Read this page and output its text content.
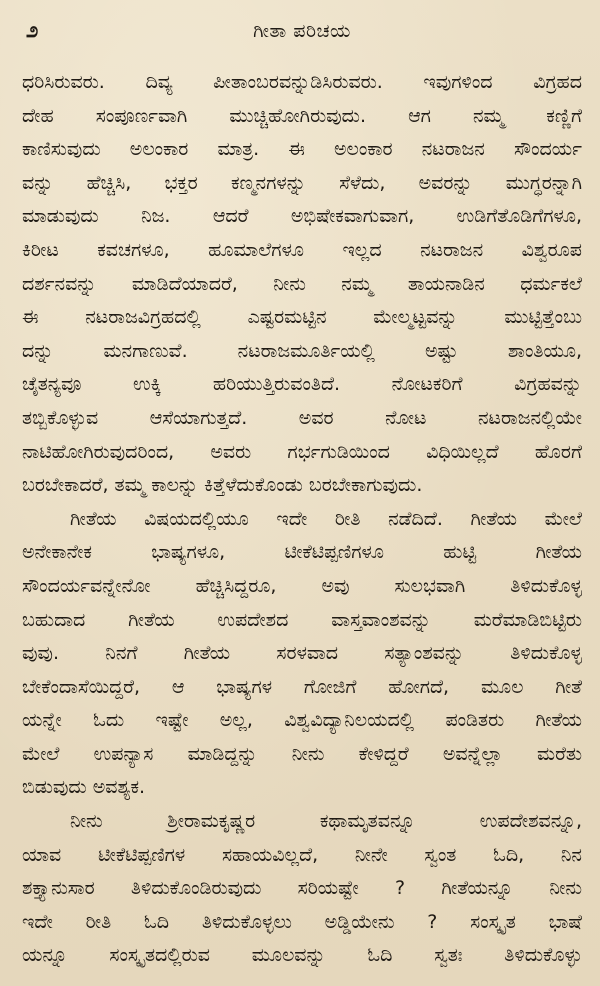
೨	ಗೀತಾ ಪರಿಚಯ
ಧರಿಸಿರುವರು. ದಿವ್ಯ ಪೀತಾಂಬರವನ್ನುಡಿಸಿರುವರು. ಇವುಗಳಿಂದ ವಿಗ್ರಹದ
ದೇಹ ಸಂಪೂರ್ಣವಾಗಿ ಮುಚ್ಚಿಹೋಗಿರುವುದು. ಆಗ ನಮ್ಮ ಕಣ್ಣಿಗೆ
ಕಾಣಿಸುವುದು ಅಲಂಕಾರ ಮಾತ್ರ. ಈ ಅಲಂಕಾರ ನಟರಾಜನ ಸೌಂದರ್ಯ
ವನ್ನು ಹೆಚ್ಚಿಸಿ, ಭಕ್ತರ ಕಣ್ಮನಗಳನ್ನು ಸೆಳೆದು, ಅವರನ್ನು ಮುಗ್ಧರನ್ನಾಗಿ
ಮಾಡುವುದು ನಿಜ. ಆದರೆ ಅಭಿಷೇಕವಾಗುವಾಗ, ಉಡಿಗೆತೊಡಿಗೆಗಳೂ,
ಕಿರೀಟ ಕವಚಗಳೂ, ಹೂಮಾಲೆಗಳೂ ಇಲ್ಲದ ನಟರಾಜನ ವಿಶ್ವರೂಪ
ದರ್ಶನವನ್ನು ಮಾಡಿದೆಯಾದರೆ, ನೀನು ನಮ್ಮ ತಾಯನಾಡಿನ ಧರ್ಮಕಲೆ
ಈ ನಟರಾಜವಿಗ್ರಹದಲ್ಲಿ ಎಷ್ಟರಮಟ್ಟಿನ ಮೇಲ್ಮಟ್ಟವನ್ನು ಮುಟ್ಟಿತ್ತೆಂಬು
ದನ್ನು ಮನಗಾಣುವೆ. ನಟರಾಜಮೂರ್ತಿಯಲ್ಲಿ ಅಷ್ಟು ಶಾಂತಿಯೂ,
ಚೈತನ್ಯವೂ ಉಕ್ಕಿ ಹರಿಯುತ್ತಿರುವಂತಿದೆ. ನೋಟಕರಿಗೆ ವಿಗ್ರಹವನ್ನು
ತಬ್ಬಿಕೊಳ್ಳುವ ಆಸೆಯಾಗುತ್ತದೆ. ಅವರ ನೋಟ ನಟರಾಜನಲ್ಲಿಯೇ
ನಾಟಿಹೋಗಿರುವುದರಿಂದ, ಅವರು ಗರ್ಭಗುಡಿಯಿಂದ ವಿಧಿಯಿಲ್ಲದೆ ಹೊರಗೆ
ಬರಬೇಕಾದರೆ, ತಮ್ಮ ಕಾಲನ್ನು ಕಿತ್ತೆಳೆದುಕೊಂಡು ಬರಬೇಕಾಗುವುದು.
ಗೀತೆಯ ವಿಷಯದಲ್ಲಿಯೂ ಇದೇ ರೀತಿ ನಡೆದಿದೆ. ಗೀತೆಯ ಮೇಲೆ
ಅನೇಕಾನೇಕ ಭಾಷ್ಯಗಳೂ, ಟೀಕೆಟಿಪ್ಪಣಿಗಳೂ ಹುಟ್ಟಿ ಗೀತೆಯ
ಸೌಂದರ್ಯವನ್ನೇನೋ ಹೆಚ್ಚಿಸಿದ್ದರೂ, ಅವು ಸುಲಭವಾಗಿ ತಿಳಿದುಕೊಳ್ಳ
ಬಹುದಾದ ಗೀತೆಯ ಉಪದೇಶದ ವಾಸ್ತವಾಂಶವನ್ನು ಮರೆಮಾಡಿಬಿಟ್ಟಿರು
ವುವು. ನಿನಗೆ ಗೀತೆಯ ಸರಳವಾದ ಸತ್ಯಾಂಶವನ್ನು ತಿಳಿದುಕೊಳ್ಳ
ಬೇಕೆಂದಾಸೆಯಿದ್ದರೆ, ಆ ಭಾಷ್ಯಗಳ ಗೋಜಿಗೆ ಹೋಗದೆ, ಮೂಲ ಗೀತೆ
ಯನ್ನೇ ಓದು ಇಷ್ಟೇ ಅಲ್ಲ, ವಿಶ್ವವಿದ್ಯಾನಿಲಯದಲ್ಲಿ ಪಂಡಿತರು ಗೀತೆಯ
ಮೇಲೆ ಉಪನ್ಯಾಸ ಮಾಡಿದ್ದನ್ನು ನೀನು ಕೇಳಿದ್ದರೆ ಅವನ್ನೆಲ್ಲಾ ಮರೆತು
ಬಿಡುವುದು ಅವಶ್ಯಕ.
ನೀನು ಶ್ರೀರಾಮಕೃಷ್ಣರ ಕಥಾಮೃತವನ್ನೂ ಉಪದೇಶವನ್ನೂ,
ಯಾವ ಟೀಕೆಟಿಪ್ಪಣಿಗಳ ಸಹಾಯವಿಲ್ಲದೆ, ನೀನೇ ಸ್ವಂತ ಓದಿ, ನಿನ
ಶಕ್ತ್ಯಾನುಸಾರ ತಿಳಿದುಕೊಂಡಿರುವುದು ಸರಿಯಷ್ಟೇ ? ಗೀತೆಯನ್ನೂ ನೀನು
ಇದೇ ರೀತಿ ಓದಿ ತಿಳಿದುಕೊಳ್ಳಲು ಅಡ್ಡಿಯೇನು ? ಸಂಸ್ಕೃತ ಭಾಷೆ
ಯನ್ನೂ ಸಂಸ್ಕೃತದಲ್ಲಿರುವ ಮೂಲವನ್ನು ಓದಿ ಸ್ವತಃ ತಿಳಿದುಕೊಳ್ಳು
